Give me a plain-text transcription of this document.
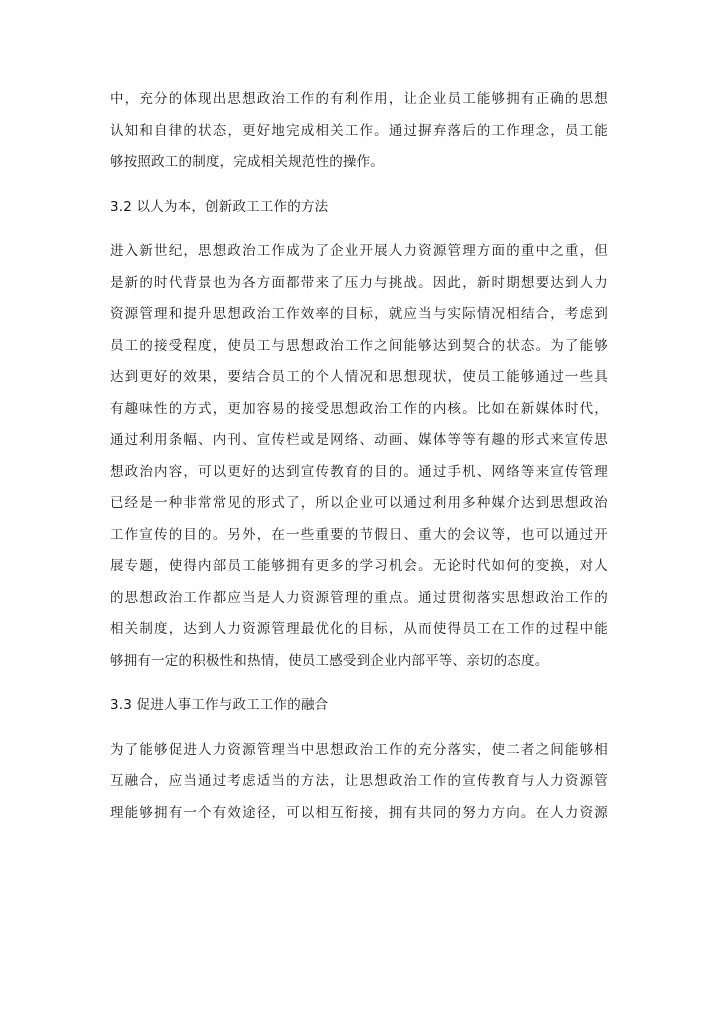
中，充分的体现出思想政治工作的有利作用，让企业员工能够拥有正确的思想
认知和自律的状态，更好地完成相关工作。通过摒弃落后的工作理念，员工能
够按照政工的制度，完成相关规范性的操作。
3.2 以人为本，创新政工工作的方法
进入新世纪，思想政治工作成为了企业开展人力资源管理方面的重中之重，但
是新的时代背景也为各方面都带来了压力与挑战。因此，新时期想要达到人力
资源管理和提升思想政治工作效率的目标，就应当与实际情况相结合，考虑到
员工的接受程度，使员工与思想政治工作之间能够达到契合的状态。为了能够
达到更好的效果，要结合员工的个人情况和思想现状，使员工能够通过一些具
有趣味性的方式，更加容易的接受思想政治工作的内核。比如在新媒体时代，
通过利用条幅、内刊、宣传栏或是网络、动画、媒体等等有趣的形式来宣传思
想政治内容，可以更好的达到宣传教育的目的。通过手机、网络等来宣传管理
已经是一种非常常见的形式了，所以企业可以通过利用多种媒介达到思想政治
工作宣传的目的。另外，在一些重要的节假日、重大的会议等，也可以通过开
展专题，使得内部员工能够拥有更多的学习机会。无论时代如何的变换，对人
的思想政治工作都应当是人力资源管理的重点。通过贯彻落实思想政治工作的
相关制度，达到人力资源管理最优化的目标，从而使得员工在工作的过程中能
够拥有一定的积极性和热情，使员工感受到企业内部平等、亲切的态度。
3.3 促进人事工作与政工工作的融合
为了能够促进人力资源管理当中思想政治工作的充分落实，使二者之间能够相
互融合，应当通过考虑适当的方法，让思想政治工作的宣传教育与人力资源管
理能够拥有一个有效途径，可以相互衔接，拥有共同的努力方向。在人力资源
